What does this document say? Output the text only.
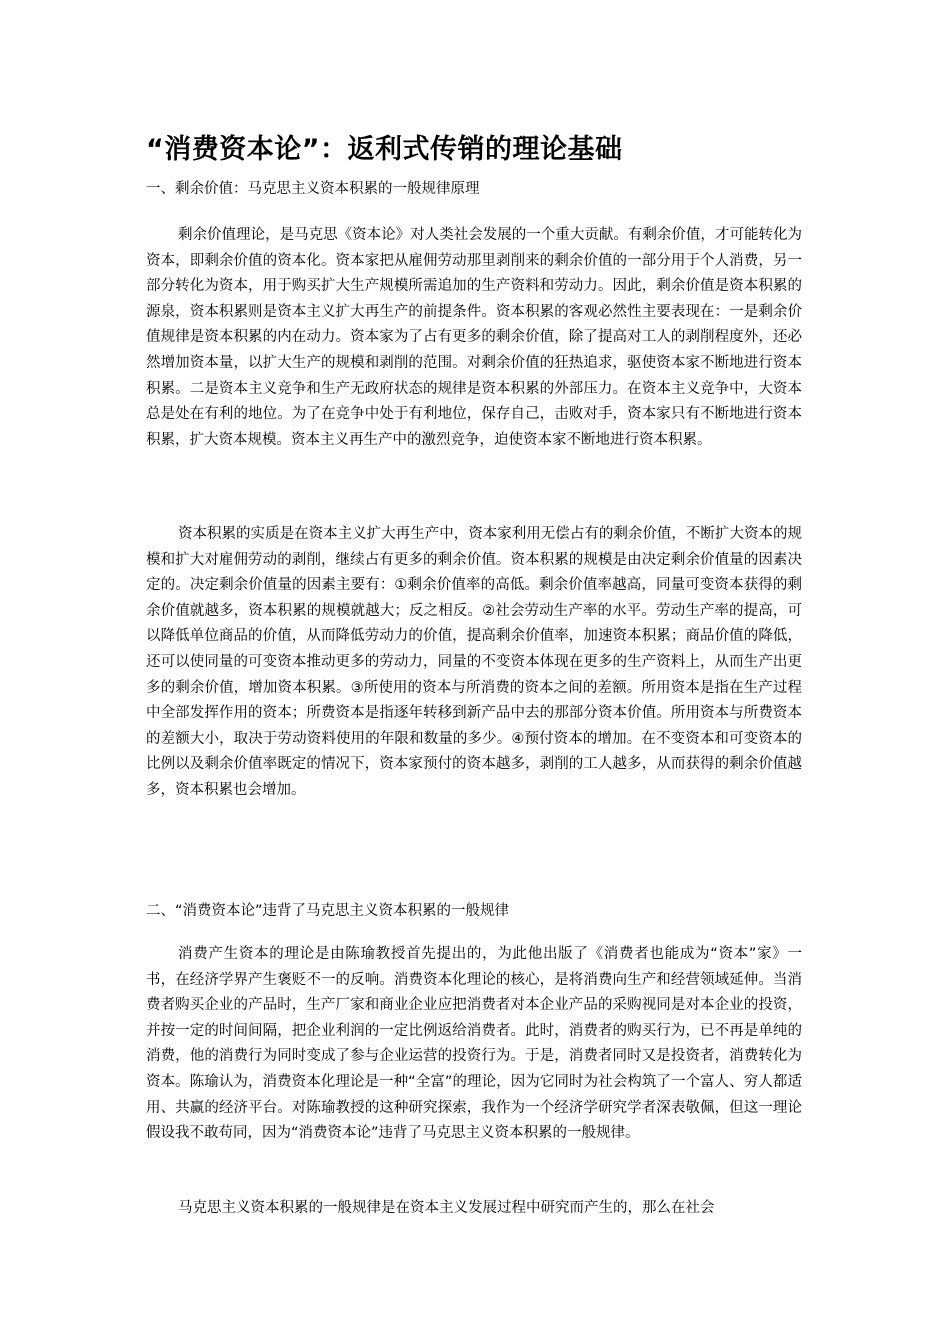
“消费资本论”：返利式传销的理论基础
一、剩余价值：马克思主义资本积累的一般规律原理

剩余价值理论，是马克思《资本论》对人类社会发展的一个重大贡献。有剩余价值，才可能转化为资本，即剩余价值的资本化。资本家把从雇佣劳动那里剥削来的剩余价值的一部分用于个人消费，另一部分转化为资本，用于购买扩大生产规模所需追加的生产资料和劳动力。因此，剩余价值是资本积累的源泉，资本积累则是资本主义扩大再生产的前提条件。资本积累的客观必然性主要表现在：一是剩余价值规律是资本积累的内在动力。资本家为了占有更多的剩余价值，除了提高对工人的剥削程度外，还必然增加资本量，以扩大生产的规模和剥削的范围。对剩余价值的狂热追求，驱使资本家不断地进行资本积累。二是资本主义竞争和生产无政府状态的规律是资本积累的外部压力。在资本主义竞争中，大资本总是处在有利的地位。为了在竞争中处于有利地位，保存自己，击败对手，资本家只有不断地进行资本积累，扩大资本规模。资本主义再生产中的激烈竞争，迫使资本家不断地进行资本积累。

资本积累的实质是在资本主义扩大再生产中，资本家利用无偿占有的剩余价值，不断扩大资本的规模和扩大对雇佣劳动的剥削，继续占有更多的剩余价值。资本积累的规模是由决定剩余价值量的因素决定的。决定剩余价值量的因素主要有：①剩余价值率的高低。剩余价值率越高，同量可变资本获得的剩余价值就越多，资本积累的规模就越大；反之相反。②社会劳动生产率的水平。劳动生产率的提高，可以降低单位商品的价值，从而降低劳动力的价值，提高剩余价值率，加速资本积累；商品价值的降低，还可以使同量的可变资本推动更多的劳动力，同量的不变资本体现在更多的生产资料上，从而生产出更多的剩余价值，增加资本积累。③所使用的资本与所消费的资本之间的差额。所用资本是指在生产过程中全部发挥作用的资本；所费资本是指逐年转移到新产品中去的那部分资本价值。所用资本与所费资本的差额大小，取决于劳动资料使用的年限和数量的多少。④预付资本的增加。在不变资本和可变资本的比例以及剩余价值率既定的情况下，资本家预付的资本越多，剥削的工人越多，从而获得的剩余价值越多，资本积累也会增加。

二、“消费资本论”违背了马克思主义资本积累的一般规律

消费产生资本的理论是由陈瑜教授首先提出的，为此他出版了《消费者也能成为“资本”家》一书，在经济学界产生褒贬不一的反响。消费资本化理论的核心，是将消费向生产和经营领域延伸。当消费者购买企业的产品时，生产厂家和商业企业应把消费者对本企业产品的采购视同是对本企业的投资，并按一定的时间间隔，把企业利润的一定比例返给消费者。此时，消费者的购买行为，已不再是单纯的消费，他的消费行为同时变成了参与企业运营的投资行为。于是，消费者同时又是投资者，消费转化为资本。陈瑜认为，消费资本化理论是一种“全富”的理论，因为它同时为社会构筑了一个富人、穷人都适用、共赢的经济平台。对陈瑜教授的这种研究探索，我作为一个经济学研究学者深表敬佩，但这一理论假设我不敢苟同，因为“消费资本论”违背了马克思主义资本积累的一般规律。

马克思主义资本积累的一般规律是在资本主义发展过程中研究而产生的，那么在社会
